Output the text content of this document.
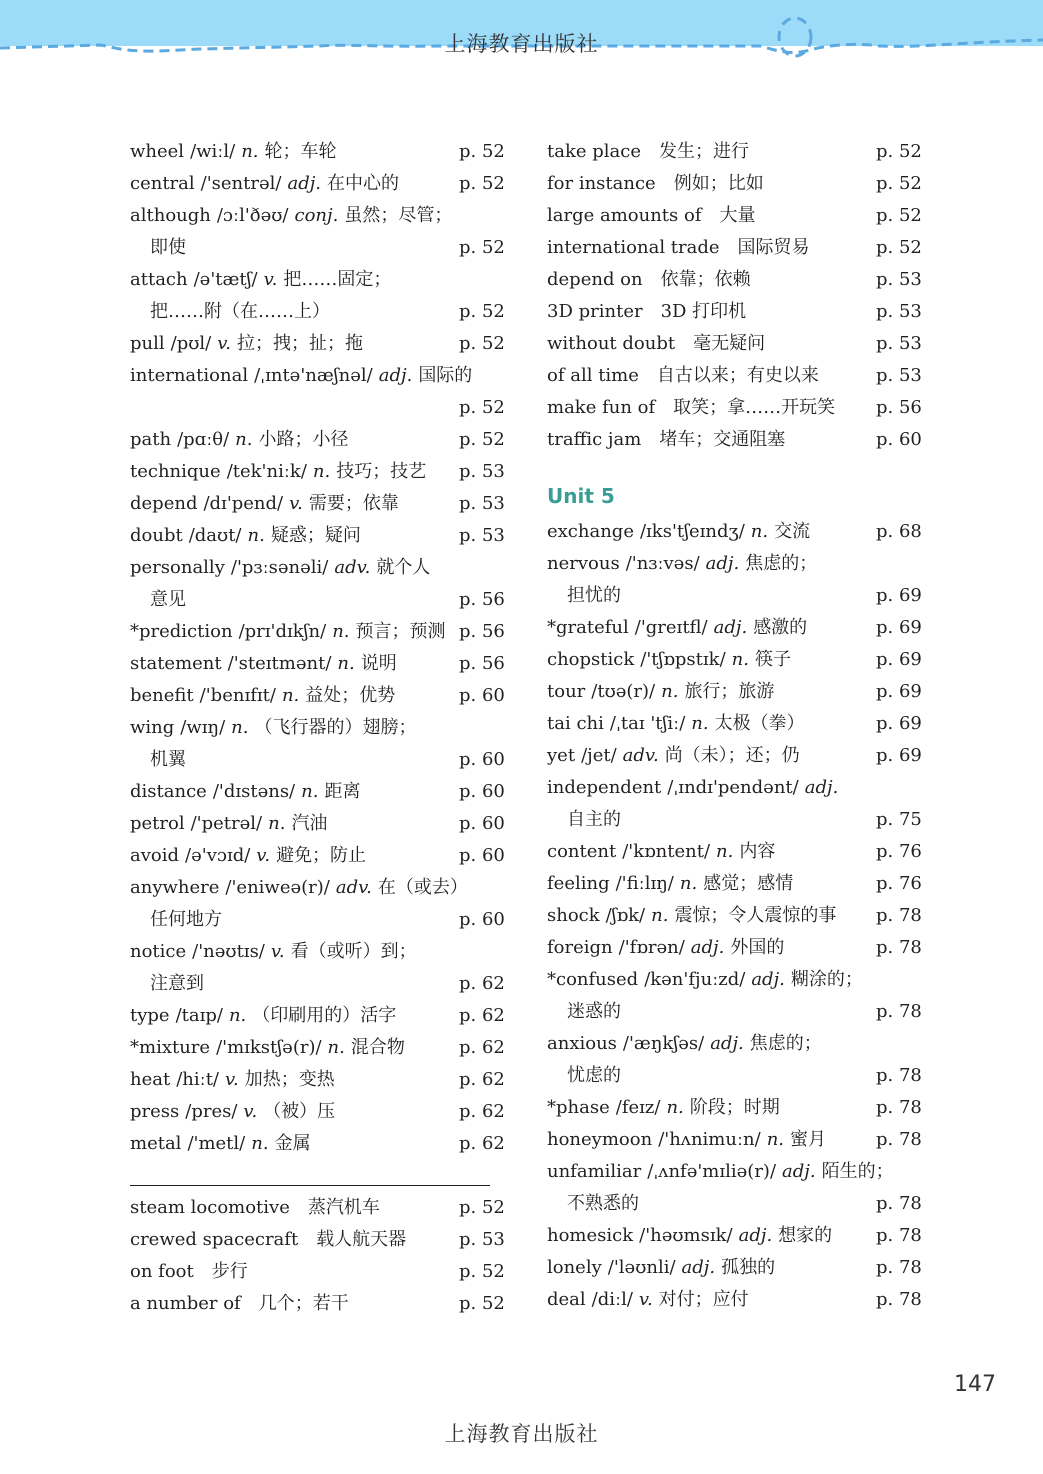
上海教育出版社
wheel /wiːl/ n. 轮；车轮	p. 52
central /'sentrəl/ adj. 在中心的	p. 52
although /ɔːl'ðəʊ/ conj. 虽然；尽管；
即使	p. 52
attach /ə'tætʃ/ v. 把……固定；
把……附（在……上）	p. 52
pull /pʊl/ v. 拉；拽；扯；拖	p. 52
international /ˌɪntə'næʃnəl/ adj. 国际的
p. 52
path /pɑːθ/ n. 小路；小径	p. 52
technique /tek'niːk/ n. 技巧；技艺 p. 53
depend /dɪ'pend/ v. 需要；依靠	p. 53
doubt /daʊt/ n. 疑惑；疑问	p. 53
personally /'pɜːsənəli/ adv. 就个人
意见	p. 56
*prediction /prɪ'dɪkʃn/ n. 预言；预测 p. 56
statement /'steɪtmənt/ n. 说明	p. 56
benefit /'benɪfɪt/ n. 益处；优势	p. 60
wing /wɪŋ/ n. （飞行器的）翅膀；
机翼	p. 60
distance /'dɪstəns/ n. 距离	p. 60
petrol /'petrəl/ n. 汽油	p. 60
avoid /ə'vɔɪd/ v. 避免；防止	p. 60
anywhere /'eniweə(r)/ adv. 在（或去）
任何地方	p. 60
notice /'nəʊtɪs/ v. 看（或听）到；
注意到	p. 62
type /taɪp/ n. （印刷用的）活字	p. 62
*mixture /'mɪkstʃə(r)/ n. 混合物	p. 62
heat /hiːt/ v. 加热；变热	p. 62
press /pres/ v. （被）压	p. 62
metal /'metl/ n. 金属	p. 62
steam locomotive 蒸汽机车	p. 52
crewed spacecraft 载人航天器	p. 53
on foot 步行	p. 52
a number of 几个；若干	p. 52
take place 发生；进行	p. 52
for instance 例如；比如	p. 52
large amounts of 大量	p. 52
international trade 国际贸易	p. 52
depend on 依靠；依赖	p. 53
3D printer 3D 打印机	p. 53
without doubt 毫无疑问	p. 53
of all time 自古以来；有史以来	p. 53
make fun of 取笑；拿……开玩笑 p. 56
traffic jam 堵车；交通阻塞	p. 60
Unit 5
exchange /ɪks'tʃeɪndʒ/ n. 交流	p. 68
nervous /'nɜːvəs/ adj. 焦虑的；
担忧的	p. 69
*grateful /'greɪtfl/ adj. 感激的	p. 69
chopstick /'tʃɒpstɪk/ n. 筷子	p. 69
tour /tʊə(r)/ n. 旅行；旅游	p. 69
tai chi /ˌtaɪ 'tʃiː/ n. 太极（拳）	p. 69
yet /jet/ adv. 尚（未）；还；仍	p. 69
independent /ˌɪndɪ'pendənt/ adj.
自主的	p. 75
content /'kɒntent/ n. 内容	p. 76
feeling /'fiːlɪŋ/ n. 感觉；感情	p. 76
shock /ʃɒk/ n. 震惊；令人震惊的事 p. 78
foreign /'fɒrən/ adj. 外国的	p. 78
*confused /kən'fjuːzd/ adj. 糊涂的；
迷惑的	p. 78
anxious /'æŋkʃəs/ adj. 焦虑的；
忧虑的	p. 78
*phase /feɪz/ n. 阶段；时期	p. 78
honeymoon /'hʌnimuːn/ n. 蜜月	p. 78
unfamiliar /ˌʌnfə'mɪliə(r)/ adj. 陌生的；
不熟悉的	p. 78
homesick /'həʊmsɪk/ adj. 想家的 p. 78
lonely /'ləʊnli/ adj. 孤独的	p. 78
deal /diːl/ v. 对付；应付	p. 78
147
上海教育出版社
